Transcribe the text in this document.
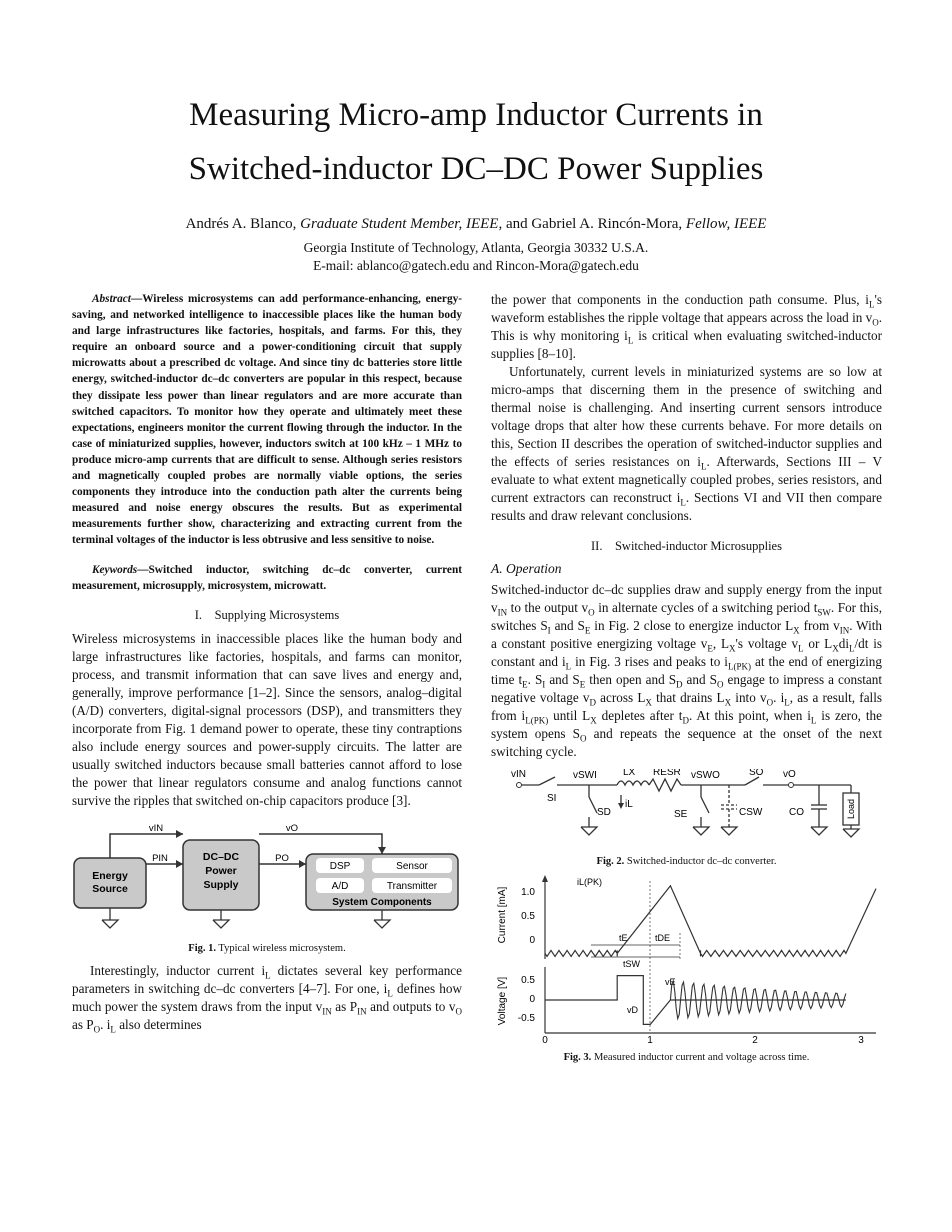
Measuring Micro-amp Inductor Currents in
Switched-inductor DC–DC Power Supplies
Andrés A. Blanco, Graduate Student Member, IEEE, and Gabriel A. Rincón-Mora, Fellow, IEEE
Georgia Institute of Technology, Atlanta, Georgia 30332 U.S.A.
E-mail: ablanco@gatech.edu and Rincon-Mora@gatech.edu

Abstract—Wireless microsystems can add performance-enhancing, energy-saving, and networked intelligence to inaccessible places like the human body and large infrastructures like factories, hospitals, and farms. For this, they require an onboard source and a power-conditioning circuit that supply microwatts about a prescribed dc voltage. And since tiny dc batteries store little energy, switched-inductor dc–dc converters are popular in this respect, because they dissipate less power than linear regulators and are more accurate than switched capacitors. To monitor how they operate and ultimately meet these expectations, engineers monitor the current flowing through the inductor. In the case of miniaturized supplies, however, inductors switch at 100 kHz – 1 MHz to produce micro-amp currents that are difficult to sense. Although series resistors and magnetically coupled probes are normally viable options, the series components they introduce into the conduction path alter the currents being measured and noise energy obscures the results. But as experimental measurements further show, characterizing and extracting current from the terminal voltages of the inductor is less obtrusive and less sensitive to noise.

Keywords—Switched inductor, switching dc–dc converter, current measurement, microsupply, microsystem, microwatt.

I. Supplying Microsystems

Wireless microsystems in inaccessible places like the human body and large infrastructures like factories, hospitals, and farms can monitor, process, and transmit information that can save lives and energy and, generally, improve performance [1–2]. Since the sensors, analog–digital (A/D) converters, digital-signal processors (DSP), and transmitters they incorporate from Fig. 1 demand power to operate, these tiny contraptions also include energy sources and power-supply circuits. The latter are usually switched inductors because small batteries cannot afford to lose the power that linear regulators consume and analog functions cannot survive the ripples that switched on-chip capacitors produce [3].

Energy Source
DC–DC Power Supply
DSP	Sensor
A/D	Transmitter
System Components
vIN	vO
PIN	PO
Fig. 1. Typical wireless microsystem.

Interestingly, inductor current $i_L$ dictates several key performance parameters in switching dc–dc converters [4–7]. For one, $i_L$ defines how much power the system draws from the input $v_{IN}$ as $P_{IN}$ and outputs to $v_O$ as $P_O$. $i_L$ also determines

the power that components in the conduction path consume. Plus, $i_L's$ waveform establishes the ripple voltage that appears across the load in $v_O$. This is why monitoring $i_L$ is critical when evaluating switched-inductor supplies [8–10].

Unfortunately, current levels in miniaturized systems are so low at micro-amps that discerning them in the presence of switching and thermal noise is challenging. And inserting current sensors introduce voltage drops that alter how these currents behave. For more details on this, Section II describes the operation of switched-inductor supplies and the effects of series resistances on $i_L$. Afterwards, Sections III – V evaluate to what extent magnetically coupled probes, series resistors, and current extractors can reconstruct $i_L$. Sections VI and VII then compare results and draw relevant conclusions.

II. Switched-inductor Microsupplies
A. Operation

Switched-inductor dc–dc supplies draw and supply energy from the input $v_{IN}$ to the output $v_O$ in alternate cycles of a switching period $t_{SW}$. For this, switches $S_I$ and $S_E$ in Fig. 2 close to energize inductor $L_X$ from $v_{IN}$. With a constant positive energizing voltage $v_E$, $L_X's$ voltage $v_L$ or $L_Xdi_L/dt$ is constant and $i_L$ in Fig. 3 rises and peaks to $i_{L(PK)}$ at the end of energizing time $t_E$. $S_I$ and $S_E$ then open and $S_D$ and $S_O$ engage to impress a constant negative voltage $v_D$ across $L_X$ that drains $L_X$ into $v_O$. $i_L$, as a result, falls from $i_{L(PK)}$ until $L_X$ depletes after $t_D$. At this point, when $i_L$ is zero, the system opens $S_O$ and repeats the sequence at the onset of the next switching cycle.

Load
vIN	vSWI	LX RESR vSWO	SO vO
SI
SD
iL
SE	CSW	CO
Fig. 2. Switched-inductor dc–dc converter.
Current [mA]
Voltage [V]
1.0
0.5
0
0.5
0
-0.5
0	1	2	3
iL(PK)
tE	tDE
tSW
vE
vD
Fig. 3. Measured inductor current and voltage across time.
